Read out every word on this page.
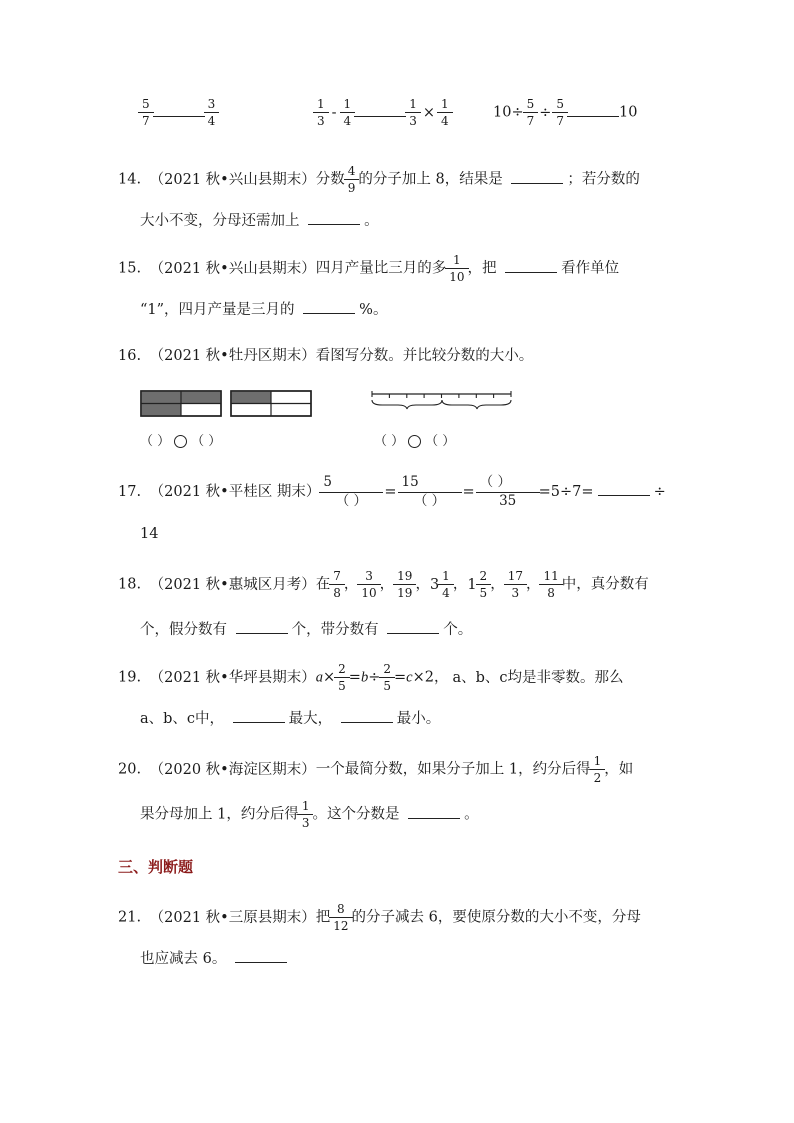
$\frac{5}{7}$	$\frac{3}{4}$	$\frac{1}{3} - \frac{1}{4}$	$\frac{1}{3} \times \frac{1}{4}$	$10\div \frac{5}{7} \div \frac{5}{7}$	10
14. （2021 秋•兴山县期末）分数 $\frac{4}{9}$ 的分子加上 8，结果是	；若分数的
大小不变，分母还需加上	。
15. （2021 秋•兴山县期末）四月产量比三月的多 $\frac{1}{10}$ ，把	看作单位
“1”，四月产量是三月的	%。
16. （2021 秋•牡丹区期末）看图写分数。并比较分数的大小。
（ ） （ ）	（ ） （ ）
17. （2021 秋•平桂区 期末） $\frac{5}{( )} = \frac{15}{( )} = \frac{( )}{35} =5\div 7=$	÷
14
18. （2021 秋•惠城区月考）在 $\frac{7}{8}$ ， $\frac{3}{10}$ ， $\frac{19}{19}$ ， $3 \frac{1}{4}$ ， $1 \frac{2}{5}$ ， $\frac{17}{3}$ ， $\frac{11}{8}$ 中，真分数有
个，假分数有	个，带分数有	个。
19. （2021 秋•华坪县期末）$a\times \frac{2}{5} =b\div \frac{2}{5} =c\times 2$， a、b、c均是非零数。那么
a、b、c中，	最大，	最小。
20. （2020 秋•海淀区期末）一个最简分数，如果分子加上 1，约分后得 $\frac{1}{2}$ ，如
果分母加上 1，约分后得 $\frac{1}{3}$ 。这个分数是	。
三、判断题
21. （2021 秋•三原县期末）把 $\frac{8}{12}$ 的分子减去 6，要使原分数的大小不变，分母
也应减去 6。
